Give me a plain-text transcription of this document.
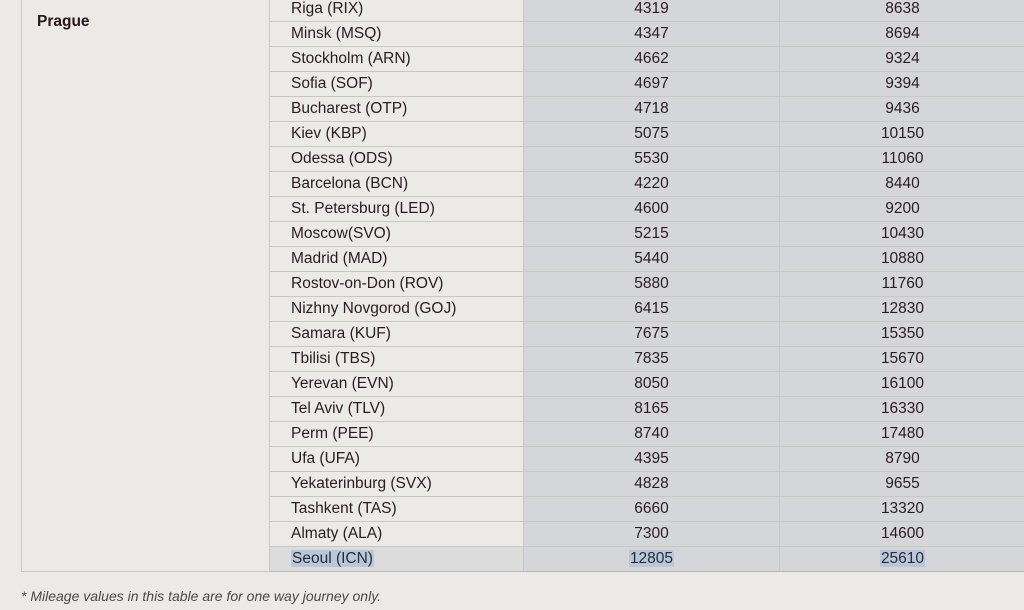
Prague	Riga (RIX)	4319	8638
	Minsk (MSQ)	4347	8694
	Stockholm (ARN)	4662	9324
	Sofia (SOF)	4697	9394
	Bucharest (OTP)	4718	9436
	Kiev (KBP)	5075	10150
	Odessa (ODS)	5530	11060
	Barcelona (BCN)	4220	8440
	St. Petersburg (LED)	4600	9200
	Moscow(SVO)	5215	10430
	Madrid (MAD)	5440	10880
	Rostov-on-Don (ROV)	5880	11760
	Nizhny Novgorod (GOJ)	6415	12830
	Samara (KUF)	7675	15350
	Tbilisi (TBS)	7835	15670
	Yerevan (EVN)	8050	16100
	Tel Aviv (TLV)	8165	16330
	Perm (PEE)	8740	17480
	Ufa (UFA)	4395	8790
	Yekaterinburg (SVX)	4828	9655
	Tashkent (TAS)	6660	13320
	Almaty (ALA)	7300	14600
	Seoul (ICN)	12805	25610
* Mileage values in this table are for one way journey only.
